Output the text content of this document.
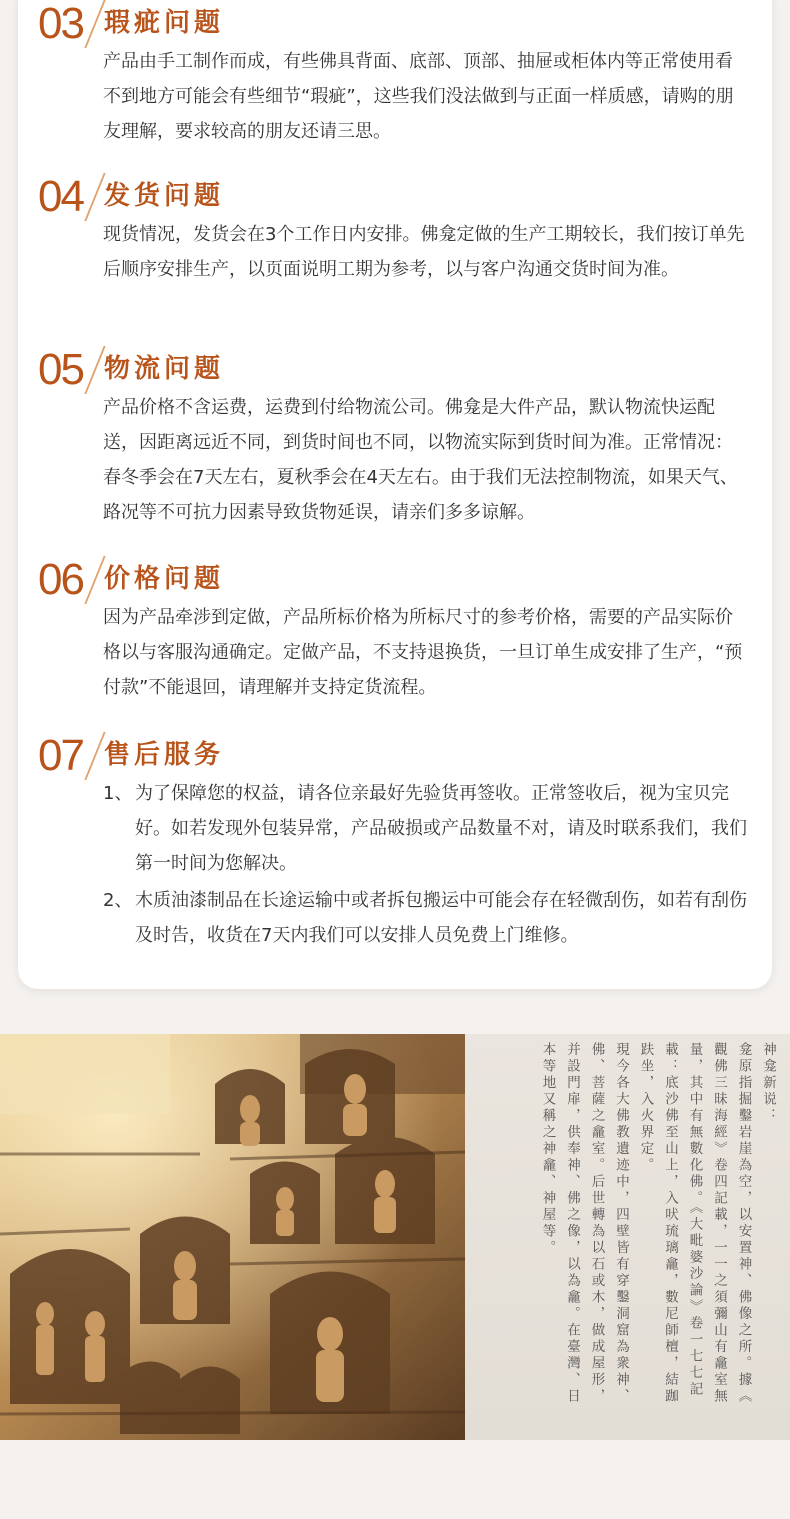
03 瑕疵问题

产品由手工制作而成，有些佛具背面、底部、顶部、抽屉或柜体内等正常使用看不到地方可能会有些细节“瑕疵”，这些我们没法做到与正面一样质感，请购的朋友理解，要求较高的朋友还请三思。

04 发货问题

现货情况，发货会在3个工作日内安排。佛龛定做的生产工期较长，我们按订单先后顺序安排生产，以页面说明工期为参考，以与客户沟通交货时间为准。

05 物流问题

产品价格不含运费，运费到付给物流公司。佛龛是大件产品，默认物流快运配送，因距离远近不同，到货时间也不同，以物流实际到货时间为准。正常情况：春冬季会在7天左右，夏秋季会在4天左右。由于我们无法控制物流，如果天气、路况等不可抗力因素导致货物延误，请亲们多多谅解。

06 价格问题

因为产品牵涉到定做，产品所标价格为所标尺寸的参考价格，需要的产品实际价格以与客服沟通确定。定做产品，不支持退换货，一旦订单生成安排了生产，“预付款”不能退回，请理解并支持定货流程。

07 售后服务
1、 为了保障您的权益，请各位亲最好先验货再签收。正常签收后，视为宝贝完好。如若发现外包装异常，产品破损或产品数量不对，请及时联系我们，我们第一时间为您解决。
2、 木质油漆制品在长途运输中或者拆包搬运中可能会存在轻微刮伤，如若有刮伤及时告，收货在7天内我们可以安排人员免费上门维修。

神龛新说：

龛原指掘鑿岩崖為空，以安置神、佛像之所。據《

觀佛三昧海經》卷四記載，一一之須彌山有龕室無

量，其中有無數化佛。《大毗婆沙論》卷一七七記

載：底沙佛至山上，入吠琉璃龕，數尼師檀，結跏

趺坐，入火界定。

現今各大佛教遺迹中，四壁皆有穿鑿洞窟為衆神、

佛、菩薩之龕室。后世轉為以石或木，做成屋形，

并設門扉，供奉神、佛之像，以為龕。在臺灣、日

本等地又稱之神龕、神屋等。
